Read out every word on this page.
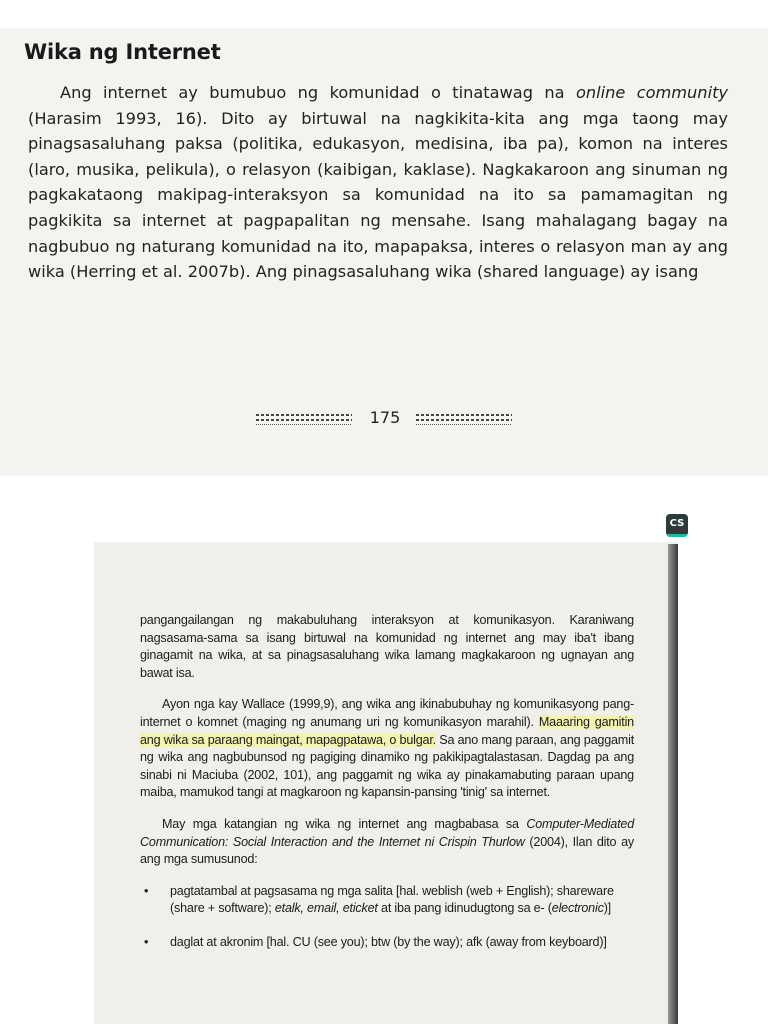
Wika ng Internet

Ang internet ay bumubuo ng komunidad o tinatawag na online community (Harasim 1993, 16). Dito ay birtuwal na nagkikita-kita ang mga taong may pinagsasaluhang paksa (politika, edukasyon, medisina, iba pa), komon na interes (laro, musika, pelikula), o relasyon (kaibigan, kaklase). Nagkakaroon ang sinuman ng pagkakataong makipag-interaksyon sa komunidad na ito sa pamamagitan ng pagkikita sa internet at pagpapalitan ng mensahe. Isang mahalagang bagay na nagbubuo ng naturang komunidad na ito, mapapaksa, interes o relasyon man ay ang wika (Herring et al. 2007b). Ang pinagsasaluhang wika (shared language) ay isang

175
CS

pangangailangan ng makabuluhang interaksyon at komunikasyon. Karaniwang nagsasama-sama sa isang birtuwal na komunidad ng internet ang may iba't ibang ginagamit na wika, at sa pinagsasaluhang wika lamang magkakaroon ng ugnayan ang bawat isa.

Ayon nga kay Wallace (1999,9), ang wika ang ikinabubuhay ng komunikasyong pang-internet o komnet (maging ng anumang uri ng komunikasyon marahil). Maaaring gamitin ang wika sa paraang maingat, mapagpatawa, o bulgar. Sa ano mang paraan, ang paggamit ng wika ang nagbubunsod ng pagiging dinamiko ng pakikipagtalastasan. Dagdag pa ang sinabi ni Maciuba (2002, 101), ang paggamit ng wika ay pinakamabuting paraan upang maiba, mamukod tangi at magkaroon ng kapansin-pansing 'tinig' sa internet.

May mga katangian ng wika ng internet ang magbabasa sa Computer-Mediated Communication: Social Interaction and the Internet ni Crispin Thurlow (2004), Ilan dito ay ang mga sumusunod:

• pagtatambal at pagsasama ng mga salita [hal. weblish (web + English); shareware (share + software); etalk, email, eticket at iba pang idinudugtong sa e- (electronic)]
• daglat at akronim [hal. CU (see you); btw (by the way); afk (away from keyboard)]
